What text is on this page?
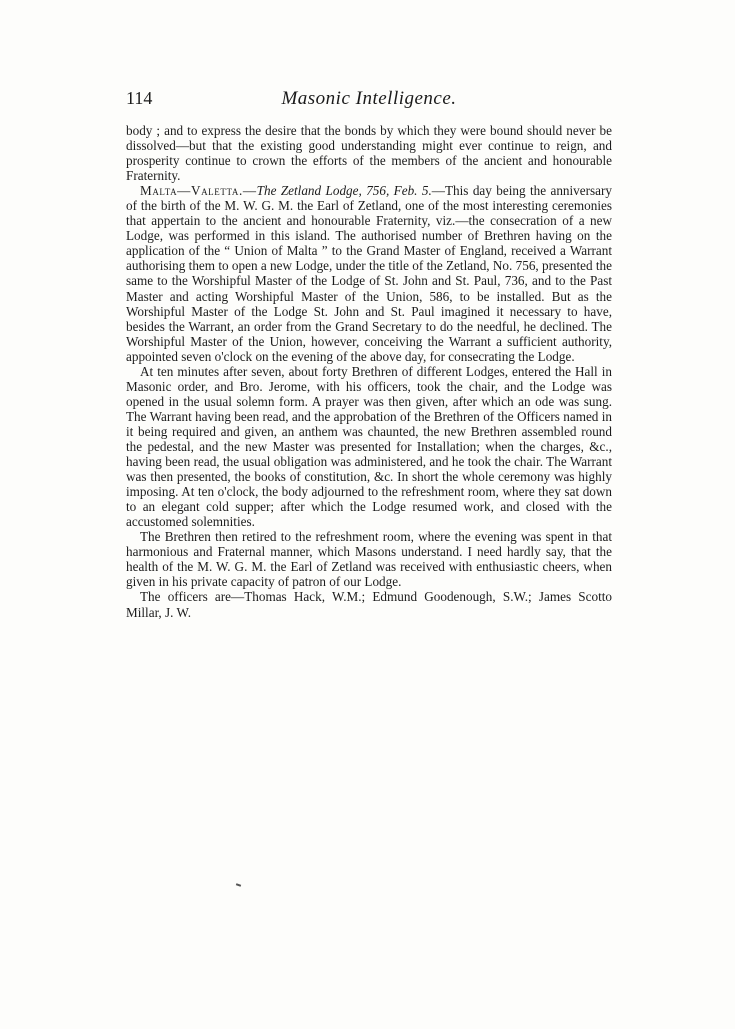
114	Masonic Intelligence.

body ; and to express the desire that the bonds by which they were bound should never be dissolved—but that the existing good understanding might ever continue to reign, and prosperity continue to crown the efforts of the members of the ancient and honourable Fraternity.

Malta—Valetta.—The Zetland Lodge, 756, Feb. 5.—This day being the anniversary of the birth of the M. W. G. M. the Earl of Zetland, one of the most interesting ceremonies that appertain to the ancient and honourable Fraternity, viz.—the consecration of a new Lodge, was performed in this island. The authorised number of Brethren having on the application of the “ Union of Malta ” to the Grand Master of England, received a Warrant authorising them to open a new Lodge, under the title of the Zetland, No. 756, presented the same to the Worshipful Master of the Lodge of St. John and St. Paul, 736, and to the Past Master and acting Worshipful Master of the Union, 586, to be installed. But as the Worshipful Master of the Lodge St. John and St. Paul imagined it necessary to have, besides the Warrant, an order from the Grand Secretary to do the needful, he declined. The Worshipful Master of the Union, however, conceiving the Warrant a sufficient authority, appointed seven o'clock on the evening of the above day, for consecrating the Lodge.

At ten minutes after seven, about forty Brethren of different Lodges, entered the Hall in Masonic order, and Bro. Jerome, with his officers, took the chair, and the Lodge was opened in the usual solemn form. A prayer was then given, after which an ode was sung. The Warrant having been read, and the approbation of the Brethren of the Officers named in it being required and given, an anthem was chaunted, the new Brethren assembled round the pedestal, and the new Master was presented for Installation; when the charges, &c., having been read, the usual obligation was administered, and he took the chair. The Warrant was then presented, the books of constitution, &c. In short the whole ceremony was highly imposing. At ten o'clock, the body adjourned to the refreshment room, where they sat down to an elegant cold supper; after which the Lodge resumed work, and closed with the accustomed solemnities.

The Brethren then retired to the refreshment room, where the evening was spent in that harmonious and Fraternal manner, which Masons understand. I need hardly say, that the health of the M. W. G. M. the Earl of Zetland was received with enthusiastic cheers, when given in his private capacity of patron of our Lodge.

The officers are—Thomas Hack, W.M.; Edmund Goodenough, S.W.; James Scotto Millar, J. W.
